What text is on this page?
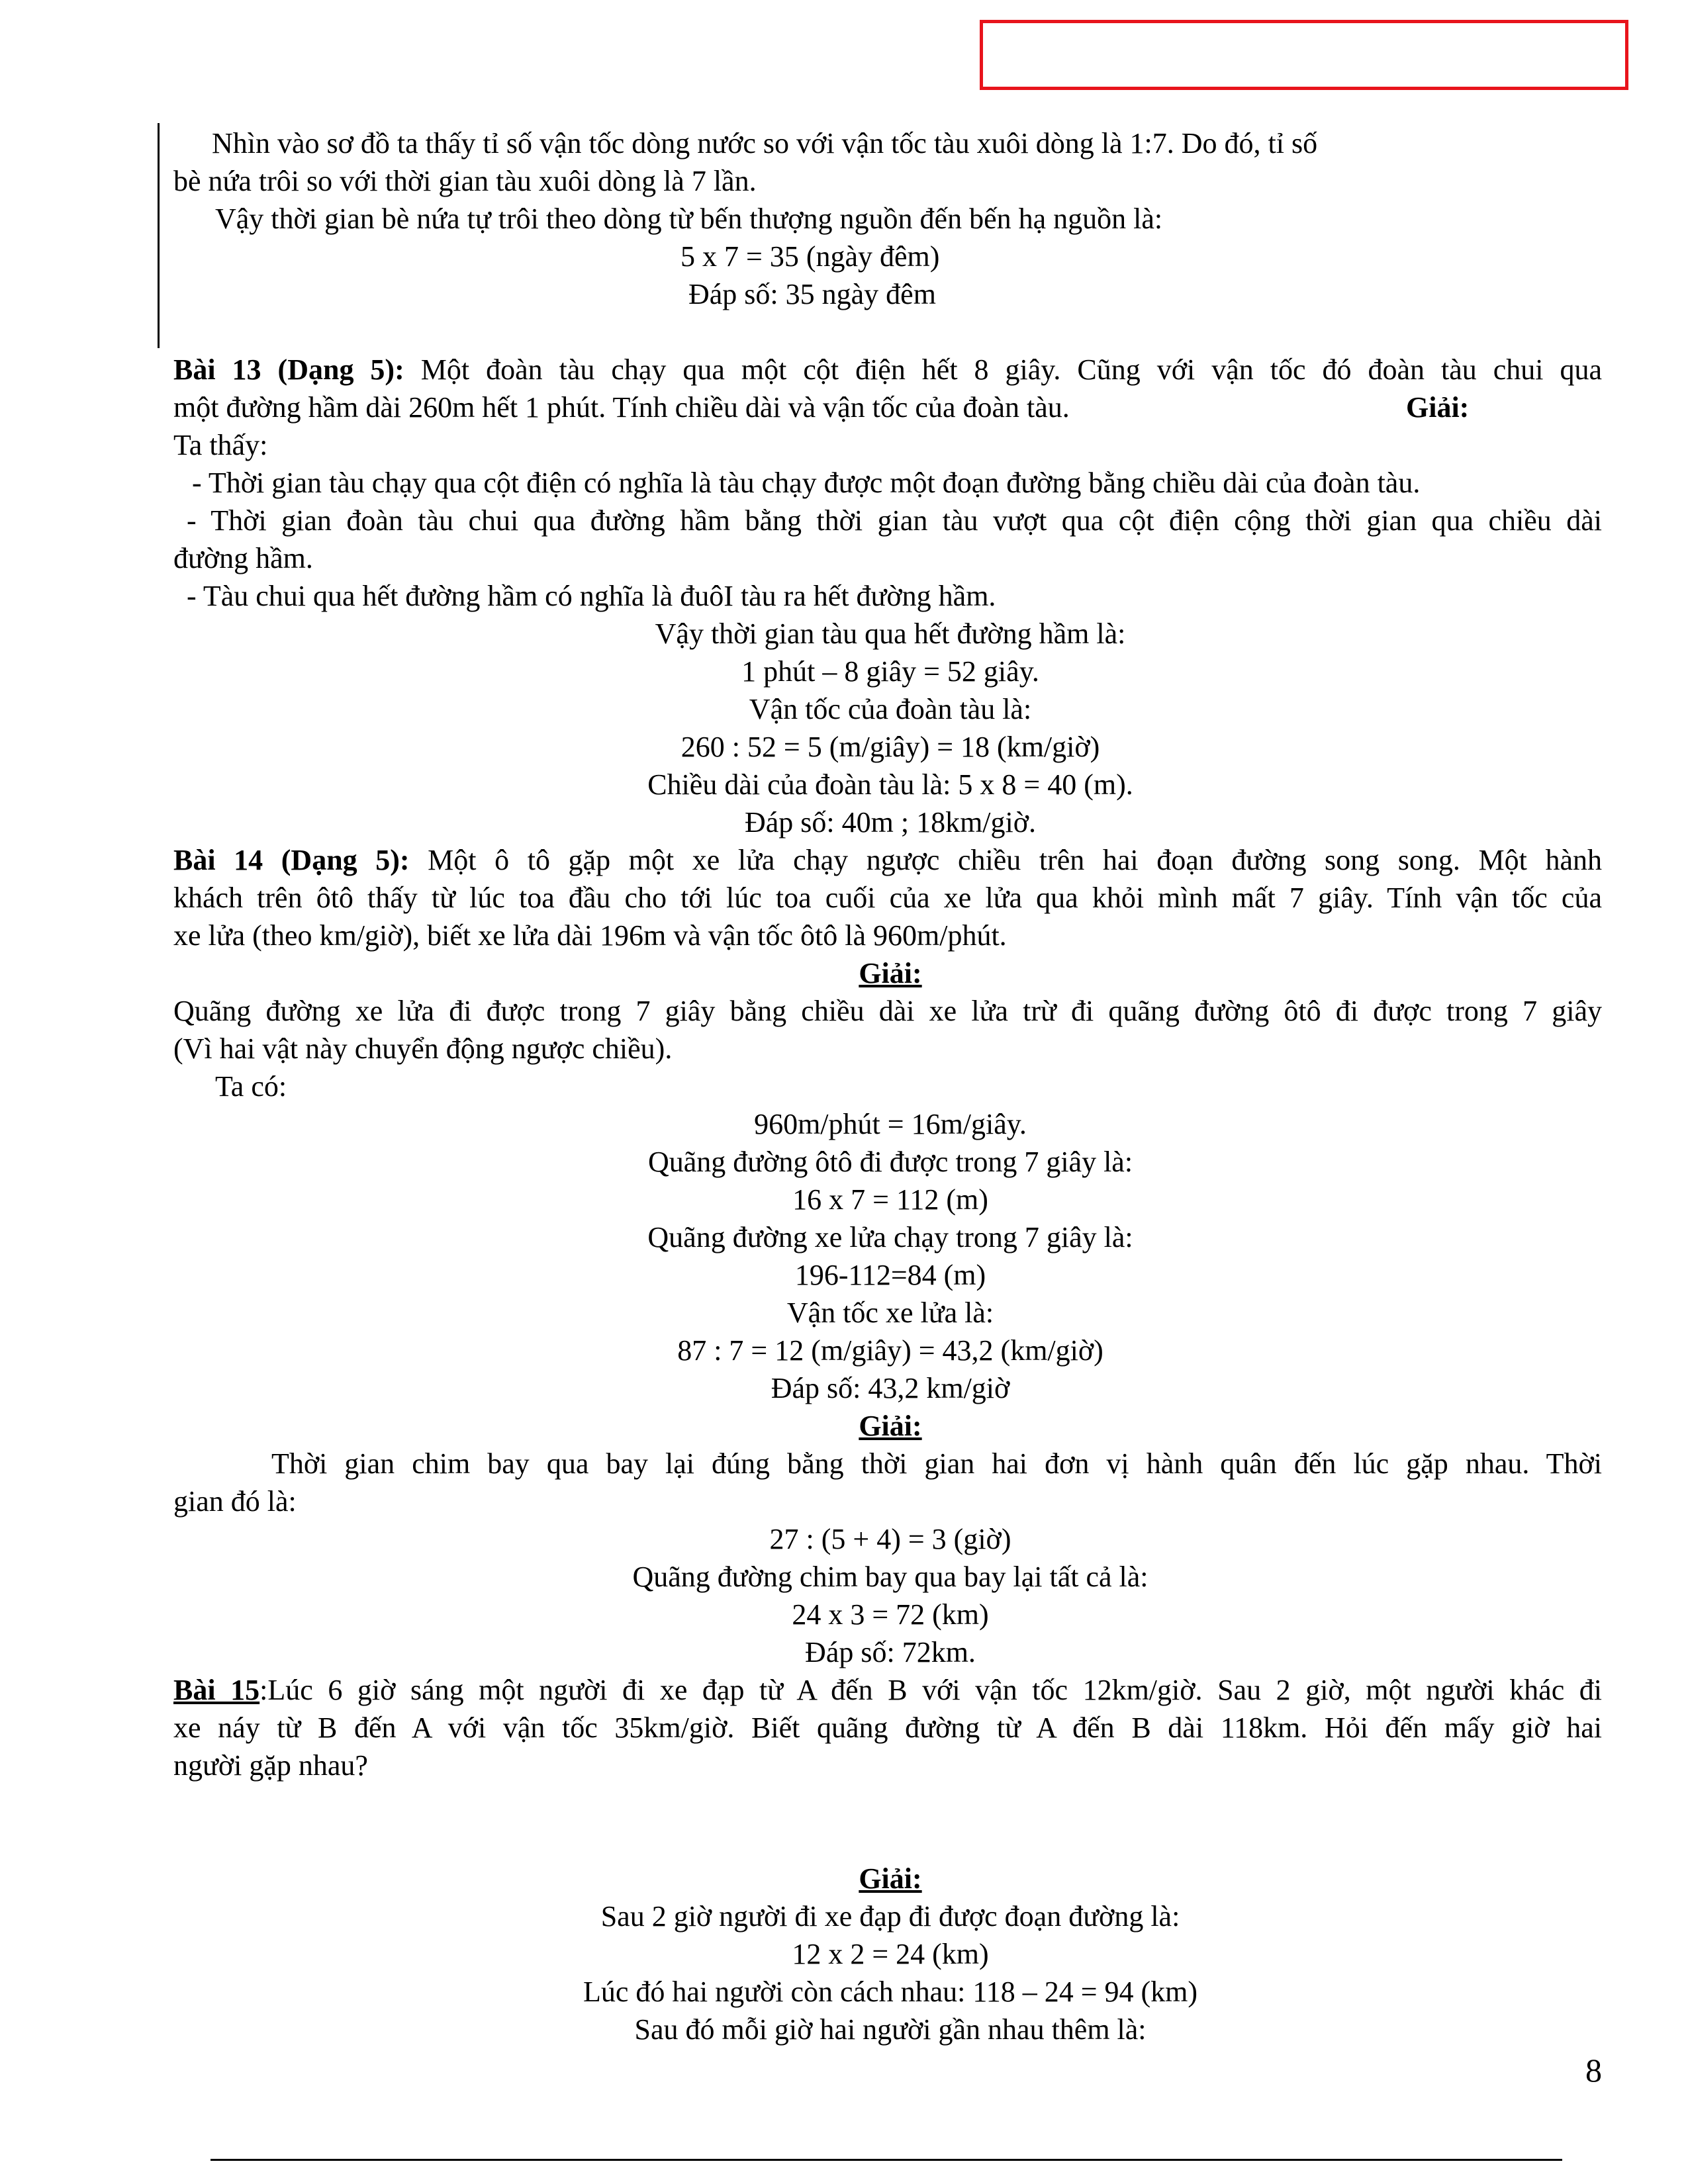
Nhìn vào sơ đồ ta thấy tỉ số vận tốc dòng nước so với vận tốc tàu xuôi dòng là 1:7. Do đó, tỉ số
bè nứa trôi so với thời gian tàu xuôi dòng là 7 lần.
Vậy thời gian bè nứa tự trôi theo dòng từ bến thượng nguồn đến bến hạ nguồn là:
5 x 7 = 35 (ngày đêm)
Đáp số: 35 ngày đêm
Bài 13 (Dạng 5): Một đoàn tàu chạy qua một cột điện hết 8 giây. Cũng với vận tốc đó đoàn tàu chui qua
một đường hầm dài 260m hết 1 phút. Tính chiều dài và vận tốc của đoàn tàu.	Giải:
Ta thấy:
- Thời gian tàu chạy qua cột điện có nghĩa là tàu chạy được một đoạn đường bằng chiều dài của đoàn tàu.
- Thời gian đoàn tàu chui qua đường hầm bằng thời gian tàu vượt qua cột điện cộng thời gian qua chiều dài
đường hầm.
- Tàu chui qua hết đường hầm có nghĩa là đuôI tàu ra hết đường hầm.
Vậy thời gian tàu qua hết đường hầm là:
1 phút – 8 giây = 52 giây.
Vận tốc của đoàn tàu là:
260 : 52 = 5 (m/giây) = 18 (km/giờ)
Chiều dài của đoàn tàu là: 5 x 8 = 40 (m).
Đáp số: 40m ; 18km/giờ.
Bài 14 (Dạng 5): Một ô tô gặp một xe lửa chạy ngược chiều trên hai đoạn đường song song. Một hành
khách trên ôtô thấy từ lúc toa đầu cho tới lúc toa cuối của xe lửa qua khỏi mình mất 7 giây. Tính vận tốc của
xe lửa (theo km/giờ), biết xe lửa dài 196m và vận tốc ôtô là 960m/phút.
Giải:
Quãng đường xe lửa đi được trong 7 giây bằng chiều dài xe lửa trừ đi quãng đường ôtô đi được trong 7 giây
(Vì hai vật này chuyển động ngược chiều).
Ta có:
960m/phút = 16m/giây.
Quãng đường ôtô đi được trong 7 giây là:
16 x 7 = 112 (m)
Quãng đường xe lửa chạy trong 7 giây là:
196-112=84 (m)
Vận tốc xe lửa là:
87 : 7 = 12 (m/giây) = 43,2 (km/giờ)
Đáp số: 43,2 km/giờ
Giải:
Thời gian chim bay qua bay lại đúng bằng thời gian hai đơn vị hành quân đến lúc gặp nhau. Thời
gian đó là:
27 : (5 + 4) = 3 (giờ)
Quãng đường chim bay qua bay lại tất cả là:
24 x 3 = 72 (km)
Đáp số: 72km.
Bài 15:Lúc 6 giờ sáng một người đi xe đạp từ A đến B với vận tốc 12km/giờ. Sau 2 giờ, một người khác đi
xe náy từ B đến A với vận tốc 35km/giờ. Biết quãng đường từ A đến B dài 118km. Hỏi đến mấy giờ hai
người gặp nhau?
Giải:
Sau 2 giờ người đi xe đạp đi được đoạn đường là:
12 x 2 = 24 (km)
Lúc đó hai người còn cách nhau: 118 – 24 = 94 (km)
Sau đó mỗi giờ hai người gần nhau thêm là:
8
